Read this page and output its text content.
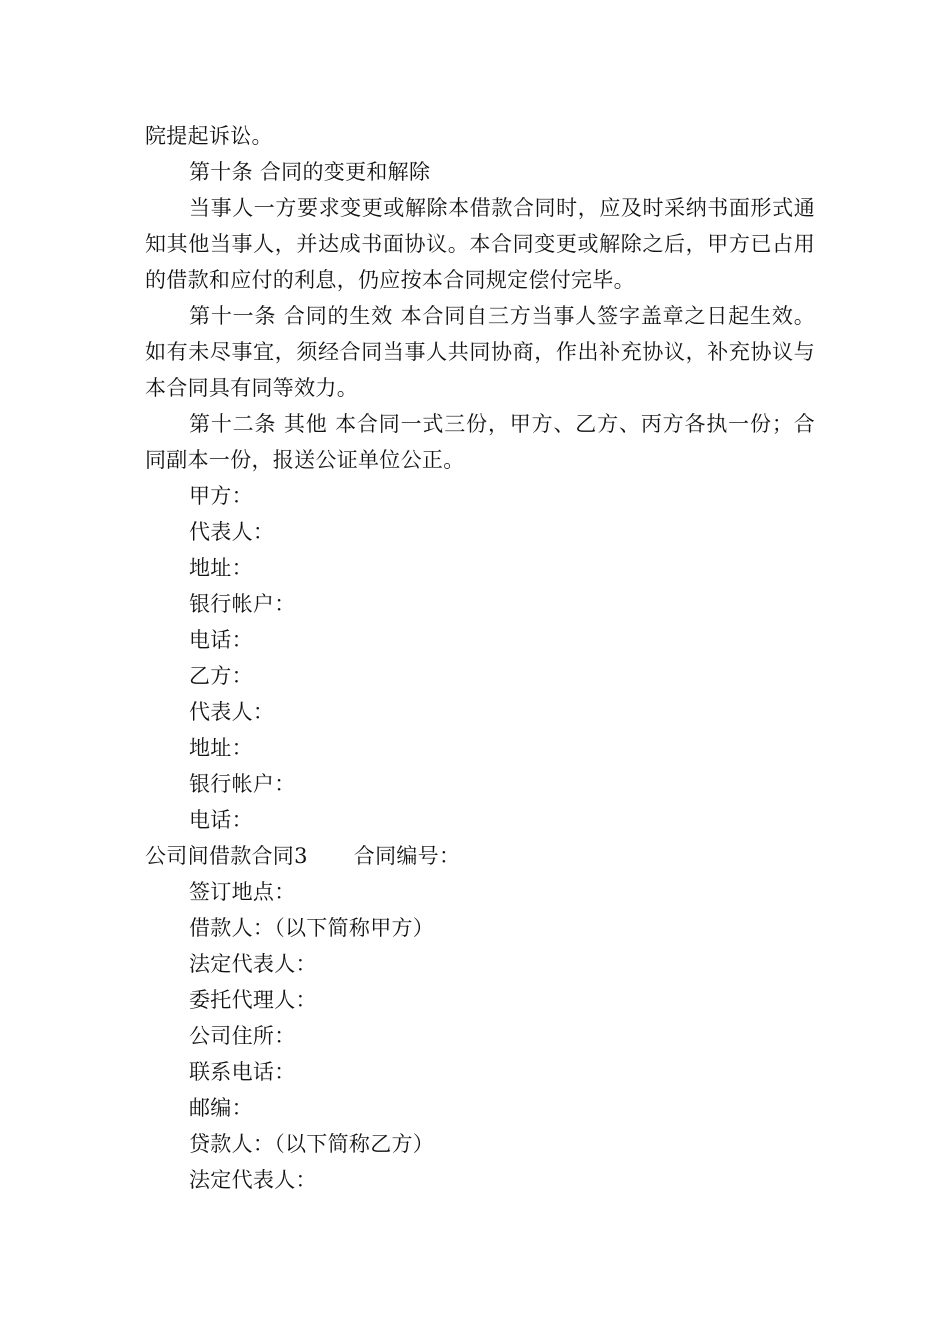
院提起诉讼。

第十条 合同的变更和解除

当事人一方要求变更或解除本借款合同时，应及时采纳书面形式通知其他当事人，并达成书面协议。本合同变更或解除之后，甲方已占用的借款和应付的利息，仍应按本合同规定偿付完毕。

第十一条 合同的生效 本合同自三方当事人签字盖章之日起生效。如有未尽事宜，须经合同当事人共同协商，作出补充协议，补充协议与本合同具有同等效力。

第十二条 其他 本合同一式三份，甲方、乙方、丙方各执一份；合同副本一份，报送公证单位公正。

甲方：

代表人：

地址：

银行帐户：

电话：

乙方：

代表人：

地址：

银行帐户：

电话：

公司间借款合同3 合同编号：

签订地点：

借款人：（以下简称甲方）

法定代表人：

委托代理人：

公司住所：

联系电话：

邮编：

贷款人：（以下简称乙方）

法定代表人：
